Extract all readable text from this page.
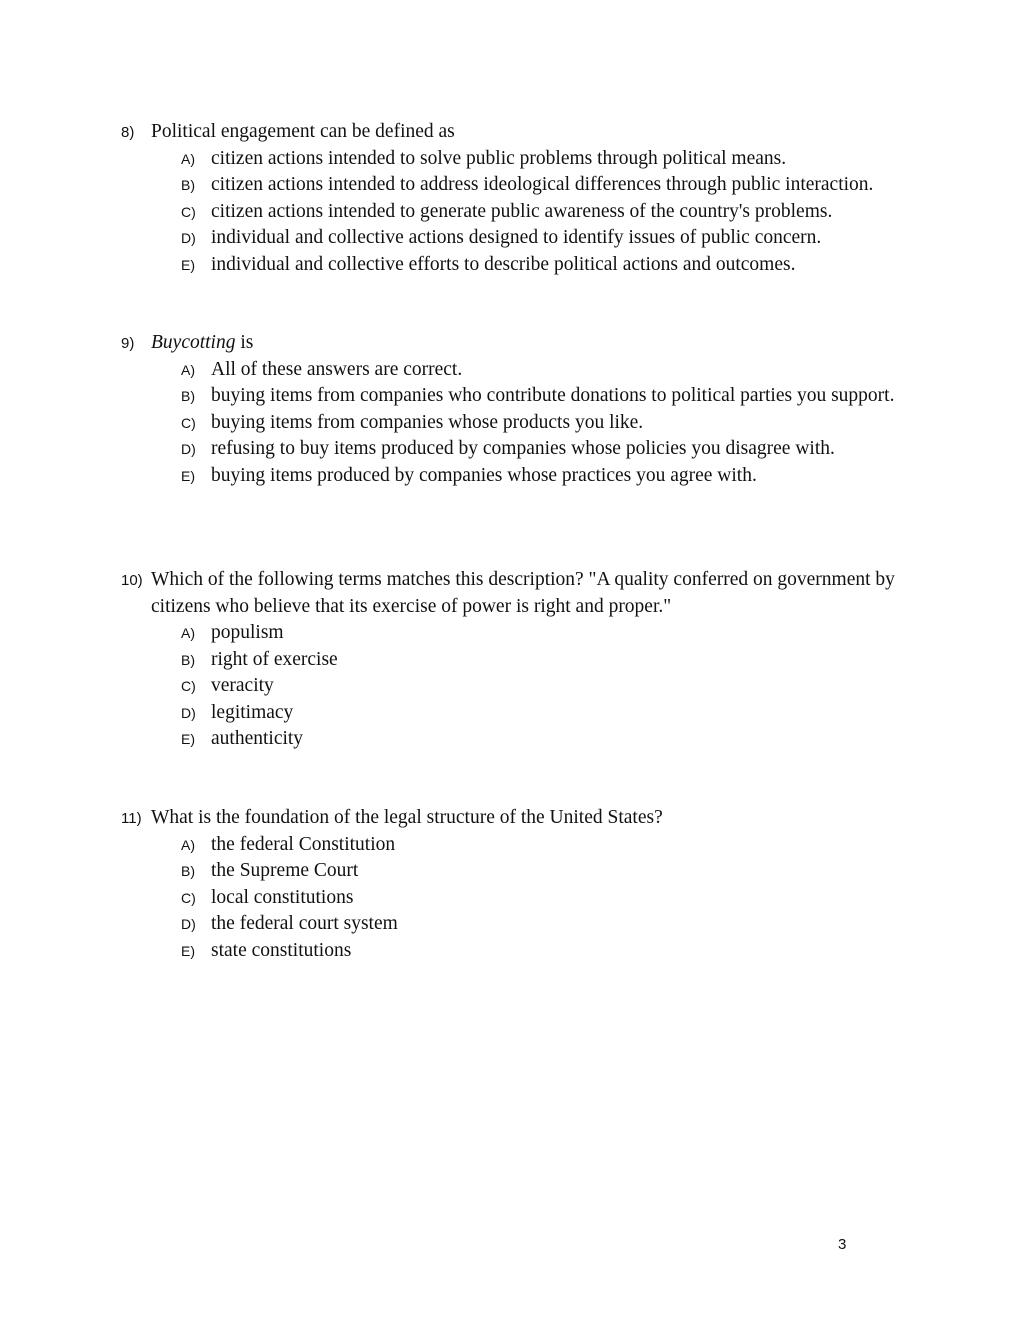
8) Political engagement can be defined as
A) citizen actions intended to solve public problems through political means.
B) citizen actions intended to address ideological differences through public interaction.
C) citizen actions intended to generate public awareness of the country's problems.
D) individual and collective actions designed to identify issues of public concern.
E) individual and collective efforts to describe political actions and outcomes.
9) Buycotting is
A) All of these answers are correct.
B) buying items from companies who contribute donations to political parties you support.
C) buying items from companies whose products you like.
D) refusing to buy items produced by companies whose policies you disagree with.
E) buying items produced by companies whose practices you agree with.
10) Which of the following terms matches this description? "A quality conferred on government by citizens who believe that its exercise of power is right and proper."
A) populism
B) right of exercise
C) veracity
D) legitimacy
E) authenticity
11) What is the foundation of the legal structure of the United States?
A) the federal Constitution
B) the Supreme Court
C) local constitutions
D) the federal court system
E) state constitutions
3
